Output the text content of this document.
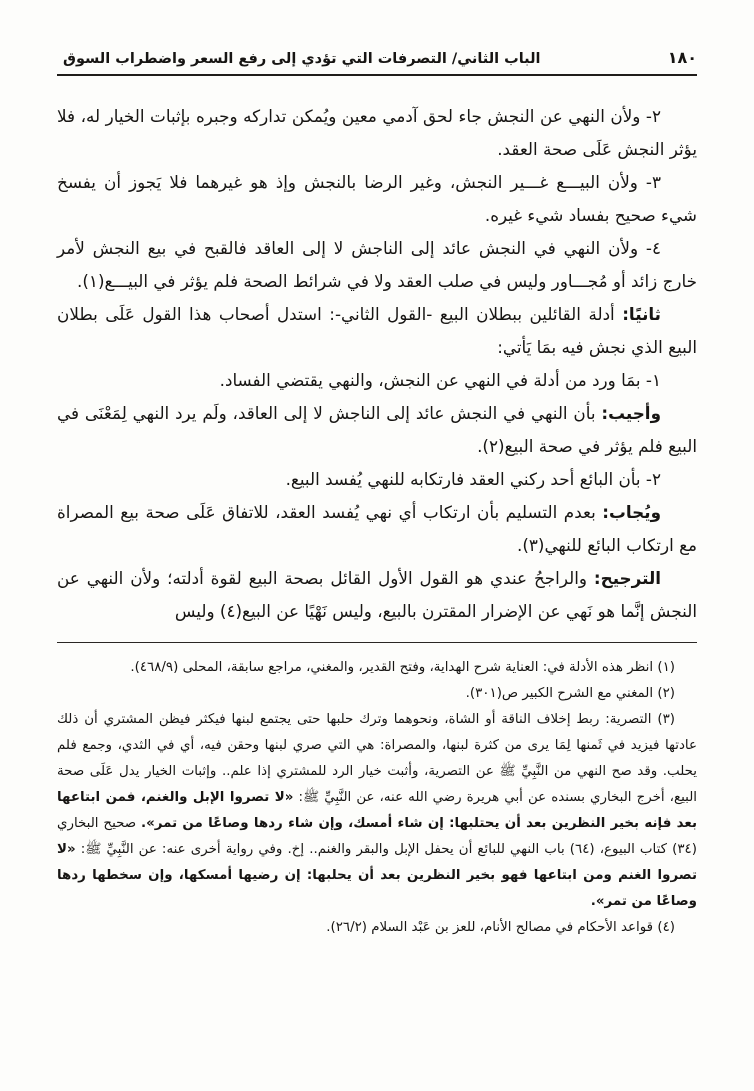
١٨٠
الباب الثاني/ التصرفات التي تؤدي إلى رفع السعر واضطراب السوق

٢- ولأن النهي عن النجش جاء لحق آدمي معين ويُمكن تداركه وجبره بإثبات الخيار له، فلا يؤثر النجش عَلَى صحة العقد.

٣- ولأن البيـــع غـــير النجش، وغير الرضا بالنجش وإذ هو غيرهما فلا يَجوز أن يفسخ شيء صحيح بفساد شيء غيره.

٤- ولأن النهي في النجش عائد إلى الناجش لا إلى العاقد فالقبح في بيع النجش لأمر خارج زائد أو مُجـــاور وليس في صلب العقد ولا في شرائط الصحة فلم يؤثر في البيـــع(١).

ثانيًا: أدلة القائلين ببطلان البيع -القول الثاني-: استدل أصحاب هذا القول عَلَى بطلان البيع الذي نجش فيه بمَا يَأتي:

١- بمَا ورد من أدلة في النهي عن النجش، والنهي يقتضي الفساد.

وأجيب: بأن النهي في النجش عائد إلى الناجش لا إلى العاقد، ولَم يرد النهي لِمَعْنَى في البيع فلم يؤثر في صحة البيع(٢).

٢- بأن البائع أحد ركني العقد فارتكابه للنهي يُفسد البيع.

ويُجاب: بعدم التسليم بأن ارتكاب أي نهي يُفسد العقد، للاتفاق عَلَى صحة بيع المصراة مع ارتكاب البائع للنهي(٣).

الترجيح: والراجحُ عندي هو القول الأول القائل بصحة البيع لقوة أدلته؛ ولأن النهي عن النجش إنَّما هو نَهي عن الإضرار المقترن بالبيع، وليس نَهْيًا عن البيع(٤) وليس

(١) انظر هذه الأدلة في: العناية شرح الهداية، وفتح القدير، والمغني، مراجع سابقة، المحلى (٤٦٨/٩).

(٢) المغني مع الشرح الكبير ص(٣٠١).

(٣) التصرية: ربط إخلاف الناقة أو الشاة، ونحوهما وترك حلبها حتى يجتمع لبنها فيكثر فيظن المشتري أن ذلك عادتها فيزيد في ثَمنها لِمَا يرى من كثرة لبنها، والمصراة: هي التي صري لبنها وحقن فيه، أي في الثدي، وجمع فلم يحلب. وقد صح النهي من النَّبِيِّ ﷺ عن التصرية، وأثبت خيار الرد للمشتري إذا علم.. وإثبات الخيار يدل عَلَى صحة البيع، أخرج البخاري بسنده عن أبي هريرة رضي الله عنه، عن النَّبِيِّ ﷺ: «لا تصروا الإبل والغنم، فمن ابتاعها بعد فإنه بخير النظرين بعد أن يحتلبها: إن شاء أمسك، وإن شاء ردها وصاعًا من تمر». صحيح البخاري (٣٤) كتاب البيوع، (٦٤) باب النهي للبائع أن يحفل الإبل والبقر والغنم.. إخ. وفي رواية أخرى عنه: عن النَّبِيِّ ﷺ: «لا تصروا الغنم ومن ابتاعها فهو بخير النظرين بعد أن يحلبها: إن رضيها أمسكها، وإن سخطها ردها وصاعًا من تمر».

(٤) قواعد الأحكام في مصالح الأنام، للعز بن عَبْد السلام (٢٦/٢).
